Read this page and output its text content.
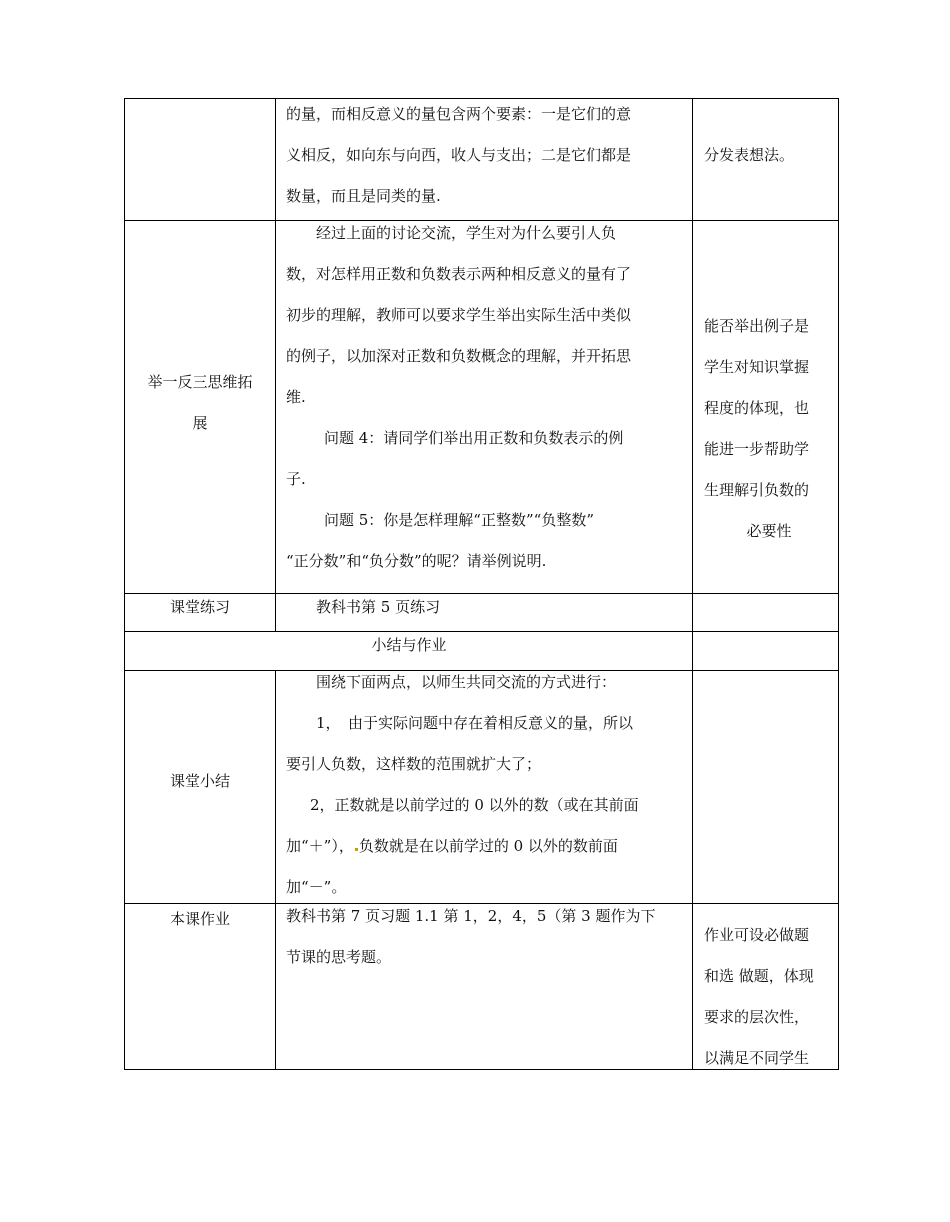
的量，而相反意义的量包含两个要素：一是它们的意

义相反，如向东与向西，收人与支出；二是它们都是

数量，而且是同类的量.

分发表想法。

举一反三思维拓

展

经过上面的讨论交流，学生对为什么要引人负

数，对怎样用正数和负数表示两种相反意义的量有了

初步的理解，教师可以要求学生举出实际生活中类似

的例子，以加深对正数和负数概念的理解，并开拓思

维.

问题 4：请同学们举出用正数和负数表示的例

子.

问题 5：你是怎样理解“正整数”“负整数”

“正分数”和“负分数”的呢？请举例说明.

能否举出例子是

学生对知识掌握

程度的体现，也

能进一步帮助学

生理解引负数的

必要性

课堂练习	教科书第 5 页练习

小结与作业

课堂小结

围绕下面两点，以师生共同交流的方式进行：

1，　由于实际问题中存在着相反意义的量，所以

要引人负数，这样数的范围就扩大了；

2，正数就是以前学过的 0 以外的数（或在其前面

加“＋”）， 负数就是在以前学过的 0 以外的数前面

加“－”。

本课作业	教科书第 7 页习题 1.1 第 1，2，4，5（第 3 题作为下

节课的思考题。

作业可设必做题

和选 做题，体现

要求的层次性，

以满足不同学生
